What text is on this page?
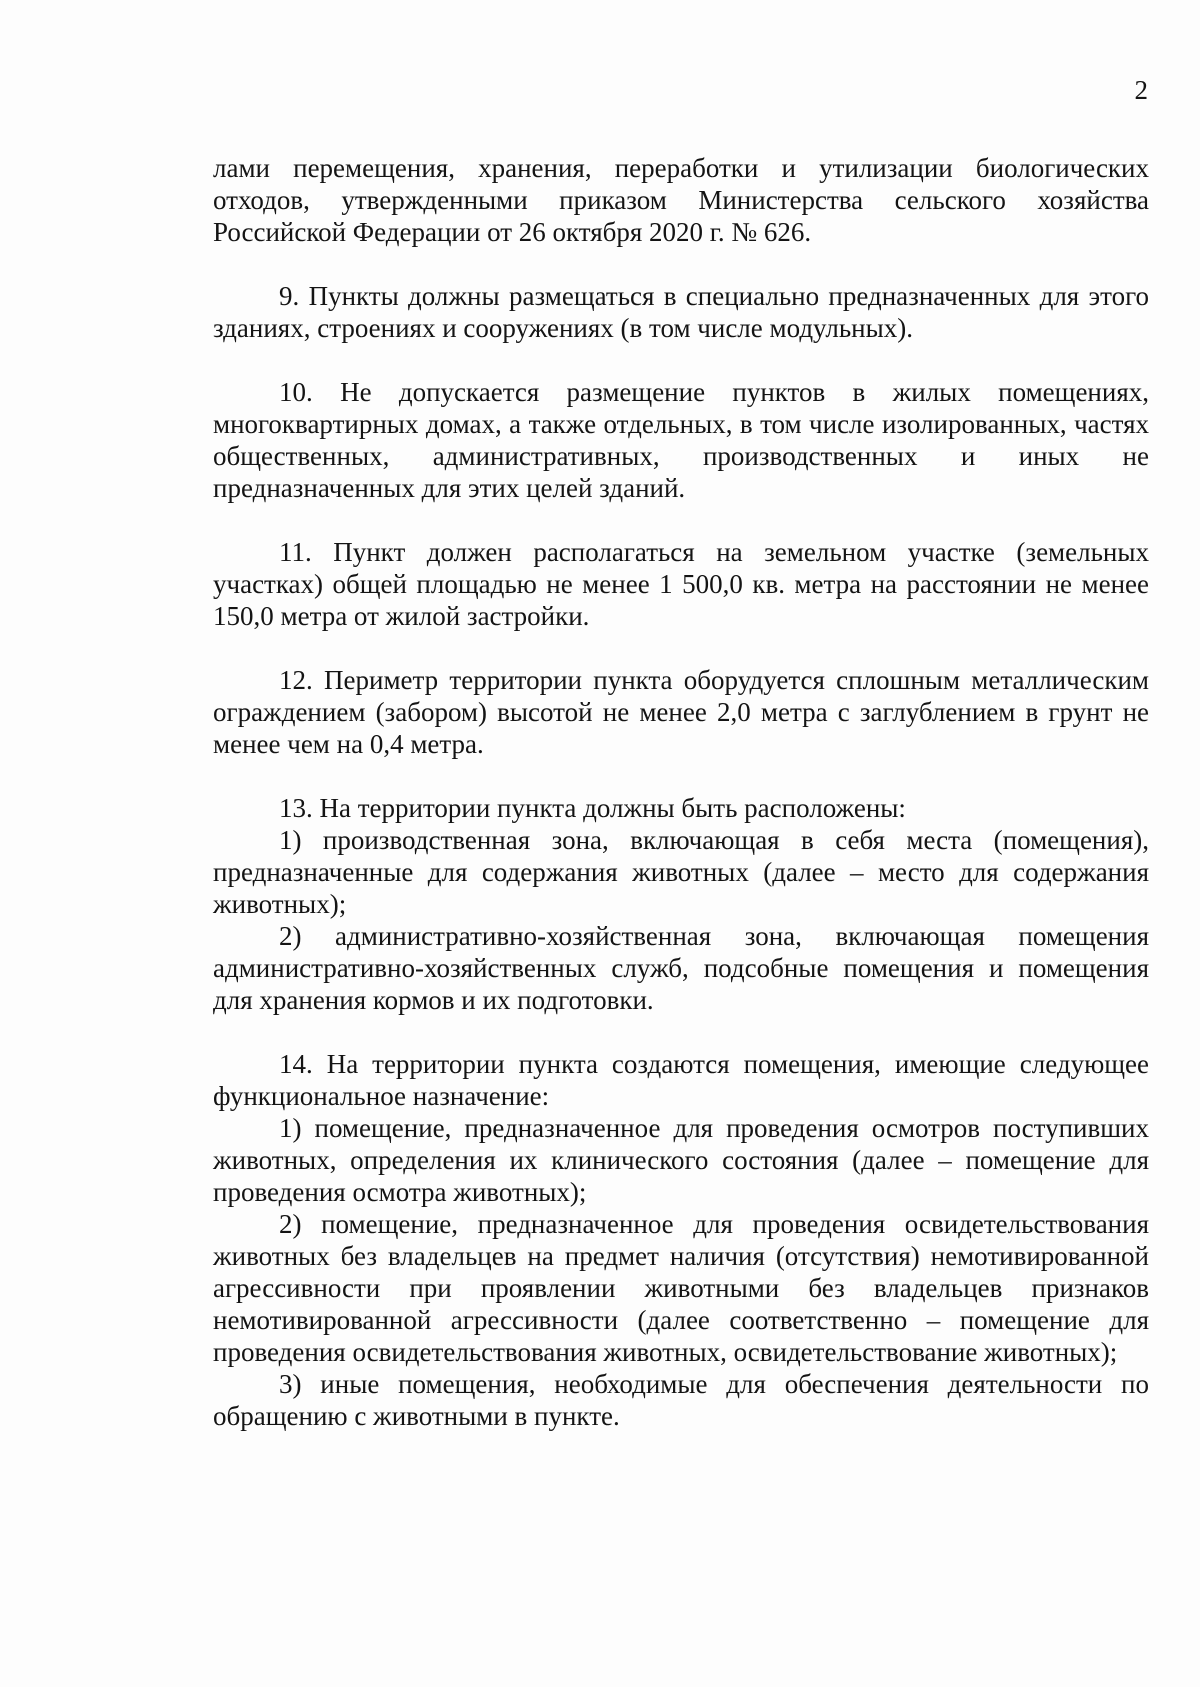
2

лами перемещения, хранения, переработки и утилизации биологических отходов, утвержденными приказом Министерства сельского хозяйства Российской Федерации от 26 октября 2020 г. № 626.

9. Пункты должны размещаться в специально предназначенных для этого зданиях, строениях и сооружениях (в том числе модульных).

10. Не допускается размещение пунктов в жилых помещениях, многоквартирных домах, а также отдельных, в том числе изолированных, частях общественных, административных, производственных и иных не предназначенных для этих целей зданий.

11. Пункт должен располагаться на земельном участке (земельных участках) общей площадью не менее 1 500,0 кв. метра на расстоянии не менее 150,0 метра от жилой застройки.

12. Периметр территории пункта оборудуется сплошным металлическим ограждением (забором) высотой не менее 2,0 метра с заглублением в грунт не менее чем на 0,4 метра.

13. На территории пункта должны быть расположены:

1) производственная зона, включающая в себя места (помещения), предназначенные для содержания животных (далее – место для содержания животных);

2) административно-хозяйственная зона, включающая помещения административно-хозяйственных служб, подсобные помещения и помещения для хранения кормов и их подготовки.

14. На территории пункта создаются помещения, имеющие следующее функциональное назначение:

1) помещение, предназначенное для проведения осмотров поступивших животных, определения их клинического состояния (далее – помещение для проведения осмотра животных);

2) помещение, предназначенное для проведения освидетельствования животных без владельцев на предмет наличия (отсутствия) немотивированной агрессивности при проявлении животными без владельцев признаков немотивированной агрессивности (далее соответственно – помещение для проведения освидетельствования животных, освидетельствование животных);

3) иные помещения, необходимые для обеспечения деятельности по обращению с животными в пункте.
